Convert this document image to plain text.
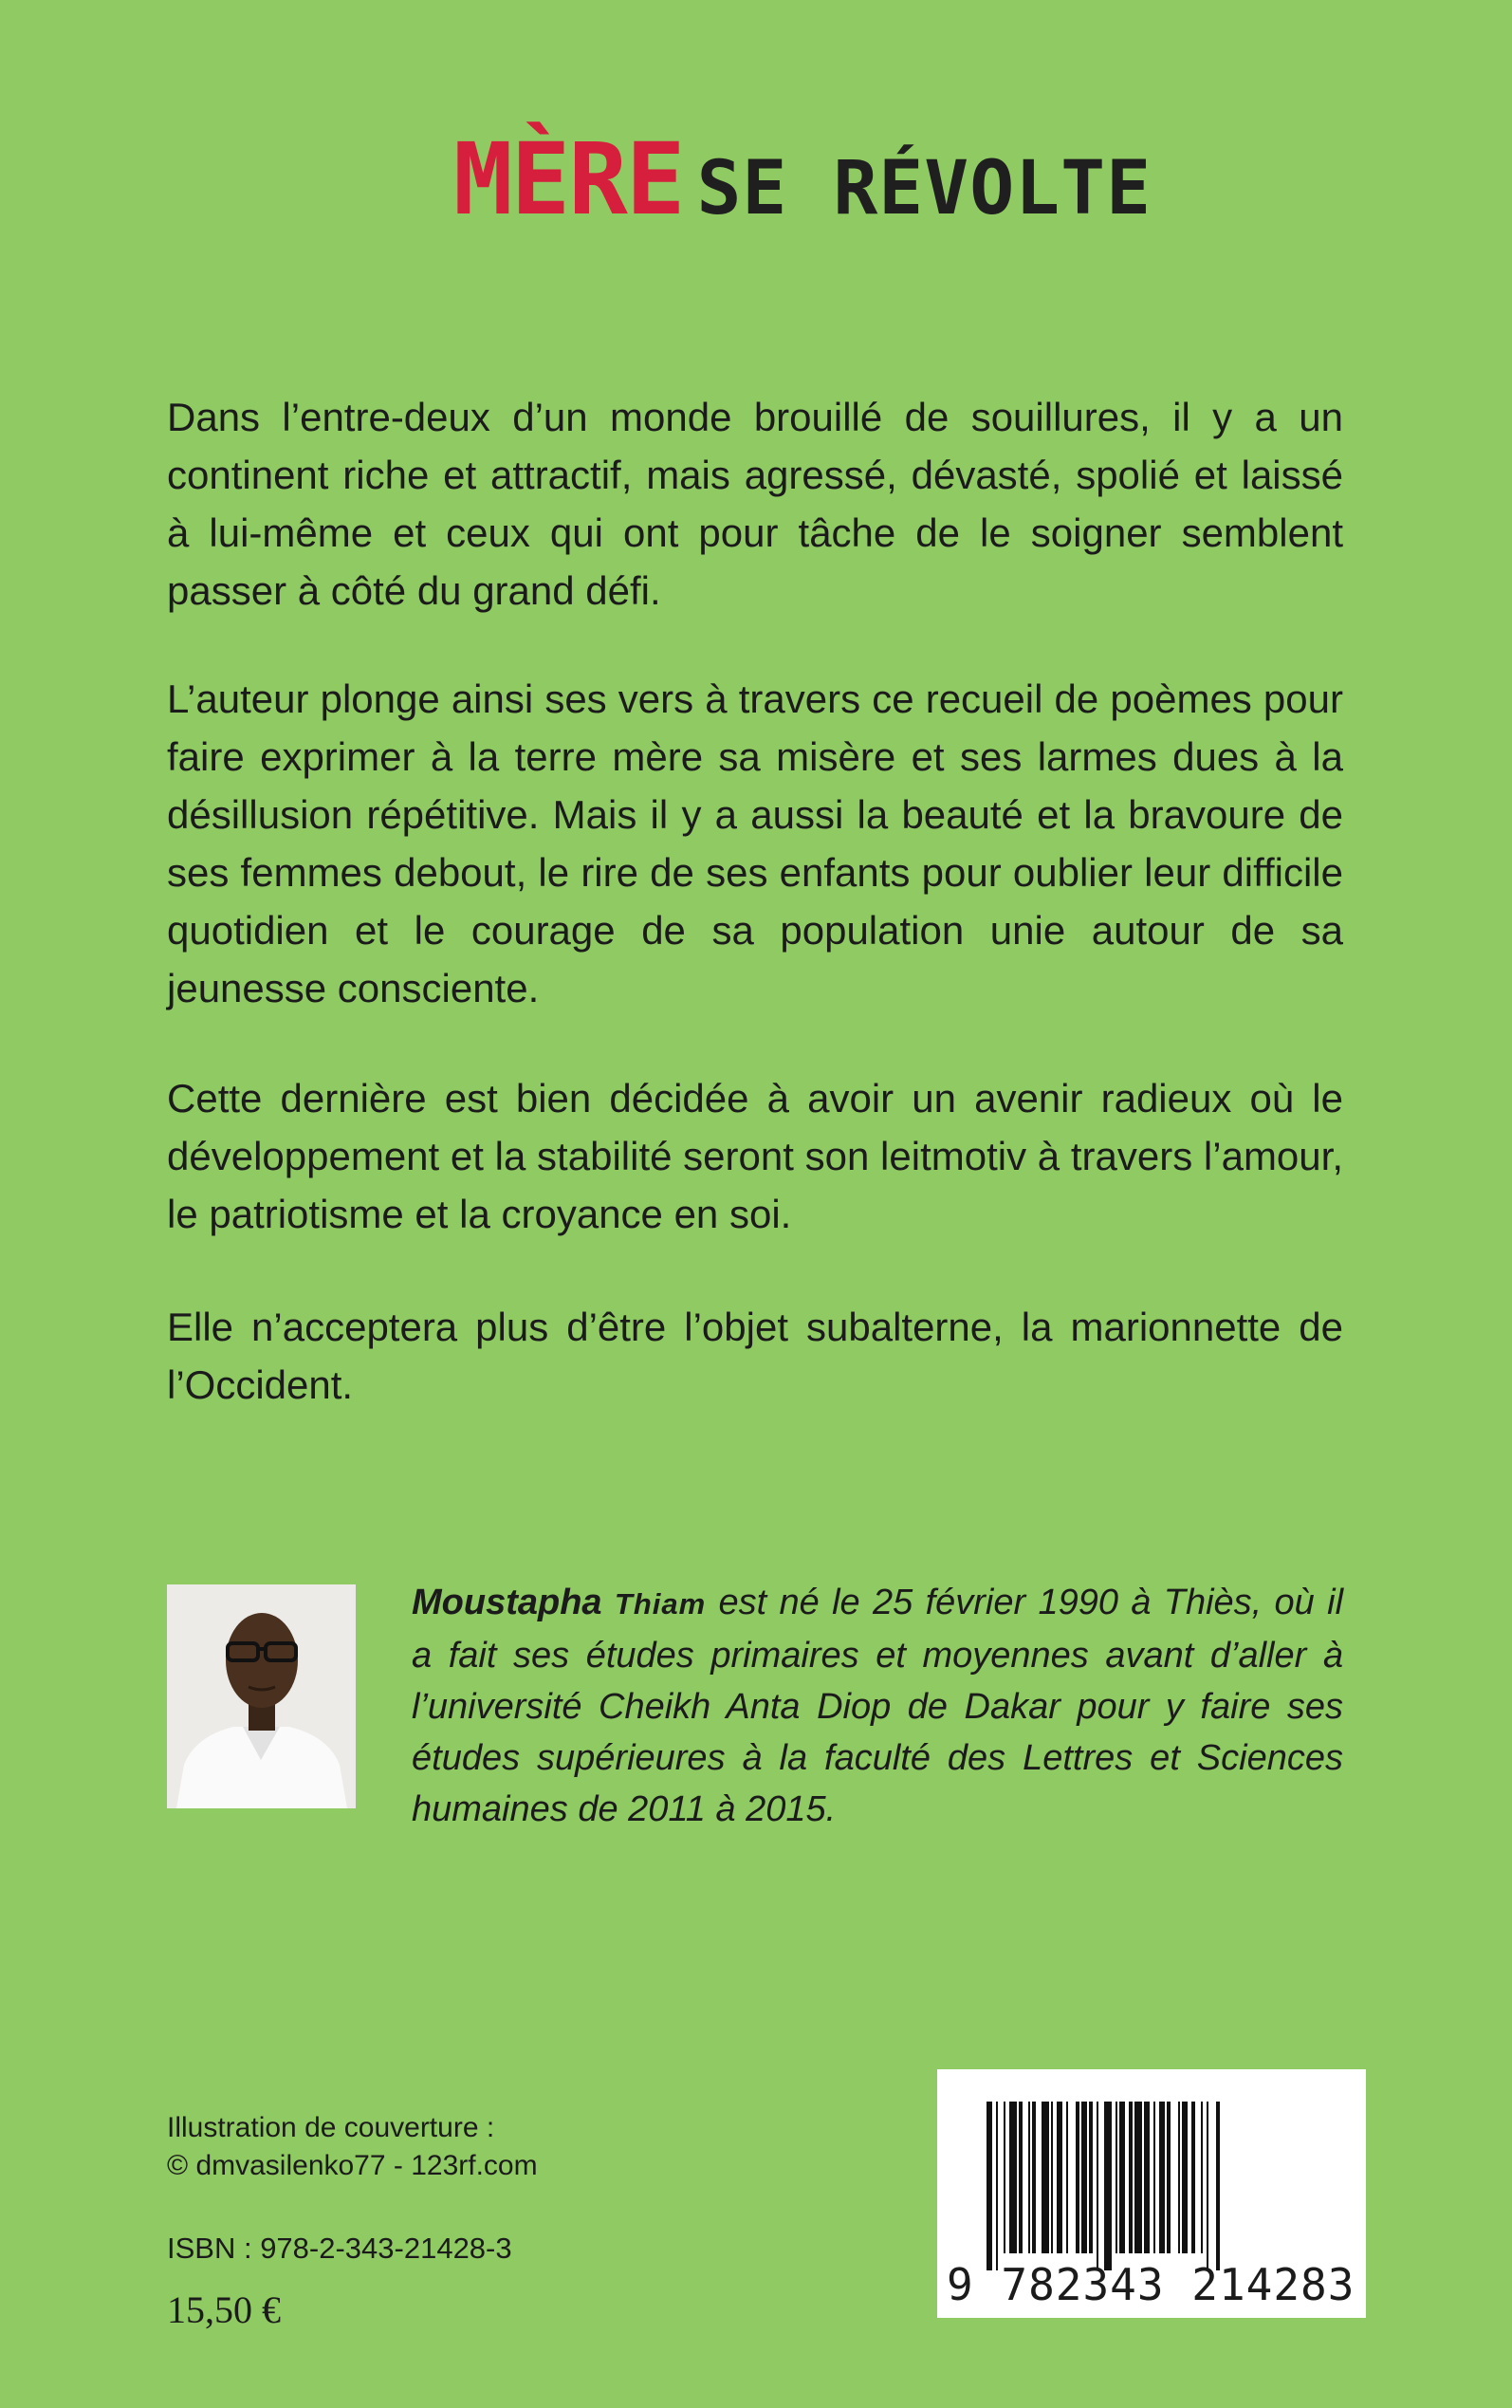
MÈRE SE RÉVOLTE

Dans l’entre-deux d’un monde brouillé de souillures, il y a un continent riche et attractif, mais agressé, dévasté, spolié et laissé à lui-même et ceux qui ont pour tâche de le soigner semblent passer à côté du grand défi.

L’auteur plonge ainsi ses vers à travers ce recueil de poèmes pour faire exprimer à la terre mère sa misère et ses larmes dues à la désillusion répétitive. Mais il y a aussi la beauté et la bravoure de ses femmes debout, le rire de ses enfants pour oublier leur difficile quotidien et le courage de sa population unie autour de sa jeunesse consciente.

Cette dernière est bien décidée à avoir un avenir radieux où le développement et la stabilité seront son leitmotiv à travers l’amour, le patriotisme et la croyance en soi.

Elle n’acceptera plus d’être l’objet subalterne, la marionnette de l’Occident.

Moustapha Thiam est né le 25 février 1990 à Thiès, où il a fait ses études primaires et moyennes avant d’aller à l’université Cheikh Anta Diop de Dakar pour y faire ses études supérieures à la faculté des Lettres et Sciences humaines de 2011 à 2015.

Illustration de couverture :
© dmvasilenko77 - 123rf.com
ISBN : 978-2-343-21428-3
15,50 €	9 782343 214283
